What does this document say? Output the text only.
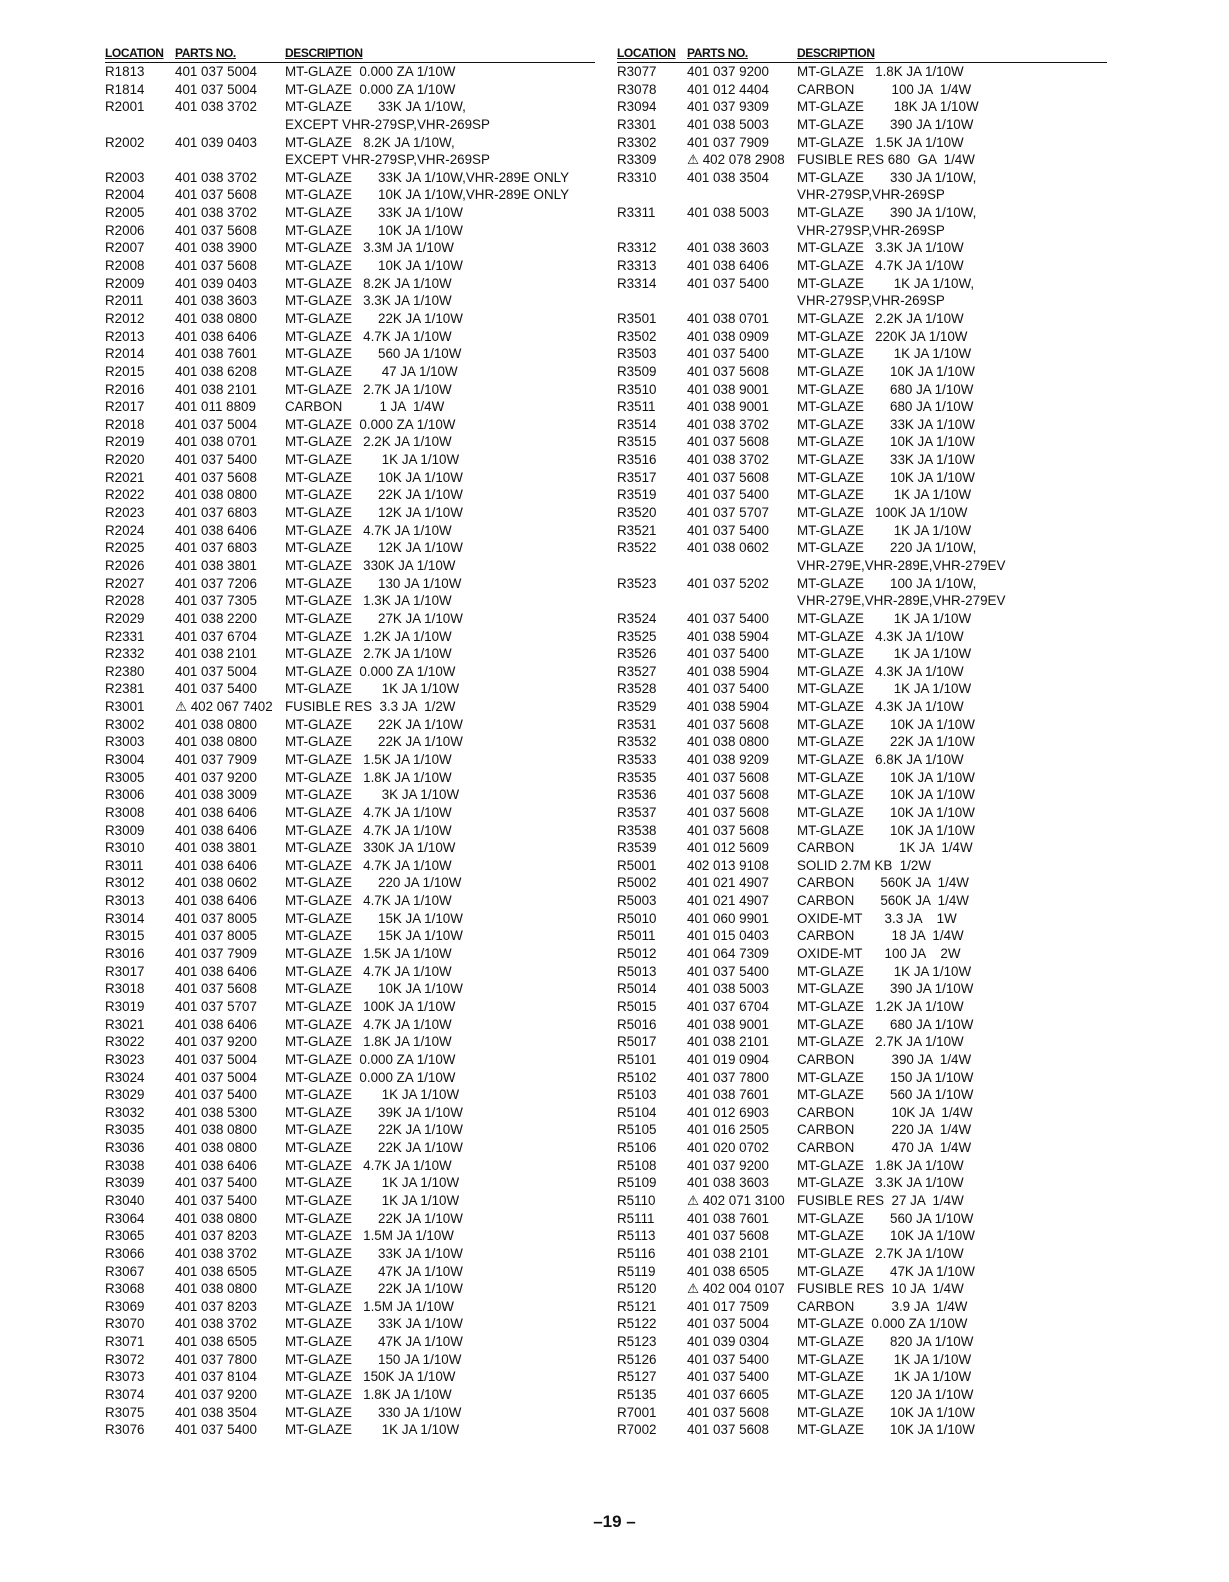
LOCATION PARTS NO.	DESCRIPTION
R1813 401 037 5004 MT-GLAZE  0.000 ZA 1/10W
R1814 401 037 5004 MT-GLAZE  0.000 ZA 1/10W
R2001 401 038 3702 MT-GLAZE       33K JA 1/10W,
EXCEPT VHR-279SP,VHR-269SP
R2002 401 039 0403 MT-GLAZE   8.2K JA 1/10W,
EXCEPT VHR-279SP,VHR-269SP
R2003 401 038 3702 MT-GLAZE       33K JA 1/10W,VHR-289E ONLY
R2004 401 037 5608 MT-GLAZE       10K JA 1/10W,VHR-289E ONLY
R2005 401 038 3702 MT-GLAZE       33K JA 1/10W
R2006 401 037 5608 MT-GLAZE       10K JA 1/10W
R2007 401 038 3900 MT-GLAZE   3.3M JA 1/10W
R2008 401 037 5608 MT-GLAZE       10K JA 1/10W
R2009 401 039 0403 MT-GLAZE   8.2K JA 1/10W
R2011 401 038 3603 MT-GLAZE   3.3K JA 1/10W
R2012 401 038 0800 MT-GLAZE       22K JA 1/10W
R2013 401 038 6406 MT-GLAZE   4.7K JA 1/10W
R2014 401 038 7601 MT-GLAZE       560 JA 1/10W
R2015 401 038 6208 MT-GLAZE        47 JA 1/10W
R2016 401 038 2101 MT-GLAZE   2.7K JA 1/10W
R2017 401 011 8809 CARBON          1 JA  1/4W
R2018 401 037 5004 MT-GLAZE  0.000 ZA 1/10W
R2019 401 038 0701 MT-GLAZE   2.2K JA 1/10W
R2020 401 037 5400 MT-GLAZE        1K JA 1/10W
R2021 401 037 5608 MT-GLAZE       10K JA 1/10W
R2022 401 038 0800 MT-GLAZE       22K JA 1/10W
R2023 401 037 6803 MT-GLAZE       12K JA 1/10W
R2024 401 038 6406 MT-GLAZE   4.7K JA 1/10W
R2025 401 037 6803 MT-GLAZE       12K JA 1/10W
R2026 401 038 3801 MT-GLAZE   330K JA 1/10W
R2027 401 037 7206 MT-GLAZE       130 JA 1/10W
R2028 401 037 7305 MT-GLAZE   1.3K JA 1/10W
R2029 401 038 2200 MT-GLAZE       27K JA 1/10W
R2331 401 037 6704 MT-GLAZE   1.2K JA 1/10W
R2332 401 038 2101 MT-GLAZE   2.7K JA 1/10W
R2380 401 037 5004 MT-GLAZE  0.000 ZA 1/10W
R2381 401 037 5400 MT-GLAZE        1K JA 1/10W
R3001 ⚠ 402 067 7402 FUSIBLE RES  3.3 JA  1/2W
R3002 401 038 0800 MT-GLAZE       22K JA 1/10W
R3003 401 038 0800 MT-GLAZE       22K JA 1/10W
R3004 401 037 7909 MT-GLAZE   1.5K JA 1/10W
R3005 401 037 9200 MT-GLAZE   1.8K JA 1/10W
R3006 401 038 3009 MT-GLAZE        3K JA 1/10W
R3008 401 038 6406 MT-GLAZE   4.7K JA 1/10W
R3009 401 038 6406 MT-GLAZE   4.7K JA 1/10W
R3010 401 038 3801 MT-GLAZE   330K JA 1/10W
R3011 401 038 6406 MT-GLAZE   4.7K JA 1/10W
R3012 401 038 0602 MT-GLAZE       220 JA 1/10W
R3013 401 038 6406 MT-GLAZE   4.7K JA 1/10W
R3014 401 037 8005 MT-GLAZE       15K JA 1/10W
R3015 401 037 8005 MT-GLAZE       15K JA 1/10W
R3016 401 037 7909 MT-GLAZE   1.5K JA 1/10W
R3017 401 038 6406 MT-GLAZE   4.7K JA 1/10W
R3018 401 037 5608 MT-GLAZE       10K JA 1/10W
R3019 401 037 5707 MT-GLAZE   100K JA 1/10W
R3021 401 038 6406 MT-GLAZE   4.7K JA 1/10W
R3022 401 037 9200 MT-GLAZE   1.8K JA 1/10W
R3023 401 037 5004 MT-GLAZE  0.000 ZA 1/10W
R3024 401 037 5004 MT-GLAZE  0.000 ZA 1/10W
R3029 401 037 5400 MT-GLAZE        1K JA 1/10W
R3032 401 038 5300 MT-GLAZE       39K JA 1/10W
R3035 401 038 0800 MT-GLAZE       22K JA 1/10W
R3036 401 038 0800 MT-GLAZE       22K JA 1/10W
R3038 401 038 6406 MT-GLAZE   4.7K JA 1/10W
R3039 401 037 5400 MT-GLAZE        1K JA 1/10W
R3040 401 037 5400 MT-GLAZE        1K JA 1/10W
R3064 401 038 0800 MT-GLAZE       22K JA 1/10W
R3065 401 037 8203 MT-GLAZE   1.5M JA 1/10W
R3066 401 038 3702 MT-GLAZE       33K JA 1/10W
R3067 401 038 6505 MT-GLAZE       47K JA 1/10W
R3068 401 038 0800 MT-GLAZE       22K JA 1/10W
R3069 401 037 8203 MT-GLAZE   1.5M JA 1/10W
R3070 401 038 3702 MT-GLAZE       33K JA 1/10W
R3071 401 038 6505 MT-GLAZE       47K JA 1/10W
R3072 401 037 7800 MT-GLAZE       150 JA 1/10W
R3073 401 037 8104 MT-GLAZE   150K JA 1/10W
R3074 401 037 9200 MT-GLAZE   1.8K JA 1/10W
R3075 401 038 3504 MT-GLAZE       330 JA 1/10W
R3076 401 037 5400 MT-GLAZE        1K JA 1/10W
LOCATION PARTS NO.	DESCRIPTION
R3077 401 037 9200 MT-GLAZE   1.8K JA 1/10W
R3078 401 012 4404 CARBON          100 JA  1/4W
R3094 401 037 9309 MT-GLAZE        18K JA 1/10W
R3301 401 038 5003 MT-GLAZE       390 JA 1/10W
R3302 401 037 7909 MT-GLAZE   1.5K JA 1/10W
R3309 ⚠ 402 078 2908 FUSIBLE RES 680  GA  1/4W
R3310 401 038 3504 MT-GLAZE       330 JA 1/10W,
VHR-279SP,VHR-269SP
R3311 401 038 5003 MT-GLAZE       390 JA 1/10W,
VHR-279SP,VHR-269SP
R3312 401 038 3603 MT-GLAZE   3.3K JA 1/10W
R3313 401 038 6406 MT-GLAZE   4.7K JA 1/10W
R3314 401 037 5400 MT-GLAZE        1K JA 1/10W,
VHR-279SP,VHR-269SP
R3501 401 038 0701 MT-GLAZE   2.2K JA 1/10W
R3502 401 038 0909 MT-GLAZE   220K JA 1/10W
R3503 401 037 5400 MT-GLAZE        1K JA 1/10W
R3509 401 037 5608 MT-GLAZE       10K JA 1/10W
R3510 401 038 9001 MT-GLAZE       680 JA 1/10W
R3511 401 038 9001 MT-GLAZE       680 JA 1/10W
R3514 401 038 3702 MT-GLAZE       33K JA 1/10W
R3515 401 037 5608 MT-GLAZE       10K JA 1/10W
R3516 401 038 3702 MT-GLAZE       33K JA 1/10W
R3517 401 037 5608 MT-GLAZE       10K JA 1/10W
R3519 401 037 5400 MT-GLAZE        1K JA 1/10W
R3520 401 037 5707 MT-GLAZE   100K JA 1/10W
R3521 401 037 5400 MT-GLAZE        1K JA 1/10W
R3522 401 038 0602 MT-GLAZE       220 JA 1/10W,
VHR-279E,VHR-289E,VHR-279EV
R3523 401 037 5202 MT-GLAZE       100 JA 1/10W,
VHR-279E,VHR-289E,VHR-279EV
R3524 401 037 5400 MT-GLAZE        1K JA 1/10W
R3525 401 038 5904 MT-GLAZE   4.3K JA 1/10W
R3526 401 037 5400 MT-GLAZE        1K JA 1/10W
R3527 401 038 5904 MT-GLAZE   4.3K JA 1/10W
R3528 401 037 5400 MT-GLAZE        1K JA 1/10W
R3529 401 038 5904 MT-GLAZE   4.3K JA 1/10W
R3531 401 037 5608 MT-GLAZE       10K JA 1/10W
R3532 401 038 0800 MT-GLAZE       22K JA 1/10W
R3533 401 038 9209 MT-GLAZE   6.8K JA 1/10W
R3535 401 037 5608 MT-GLAZE       10K JA 1/10W
R3536 401 037 5608 MT-GLAZE       10K JA 1/10W
R3537 401 037 5608 MT-GLAZE       10K JA 1/10W
R3538 401 037 5608 MT-GLAZE       10K JA 1/10W
R3539 401 012 5609 CARBON            1K JA  1/4W
R5001 402 013 9108 SOLID 2.7M KB  1/2W
R5002 401 021 4907 CARBON       560K JA  1/4W
R5003 401 021 4907 CARBON       560K JA  1/4W
R5010 401 060 9901 OXIDE-MT      3.3 JA    1W
R5011 401 015 0403 CARBON          18 JA  1/4W
R5012 401 064 7309 OXIDE-MT      100 JA    2W
R5013 401 037 5400 MT-GLAZE        1K JA 1/10W
R5014 401 038 5003 MT-GLAZE       390 JA 1/10W
R5015 401 037 6704 MT-GLAZE   1.2K JA 1/10W
R5016 401 038 9001 MT-GLAZE       680 JA 1/10W
R5017 401 038 2101 MT-GLAZE   2.7K JA 1/10W
R5101 401 019 0904 CARBON          390 JA  1/4W
R5102 401 037 7800 MT-GLAZE       150 JA 1/10W
R5103 401 038 7601 MT-GLAZE       560 JA 1/10W
R5104 401 012 6903 CARBON          10K JA  1/4W
R5105 401 016 2505 CARBON          220 JA  1/4W
R5106 401 020 0702 CARBON          470 JA  1/4W
R5108 401 037 9200 MT-GLAZE   1.8K JA 1/10W
R5109 401 038 3603 MT-GLAZE   3.3K JA 1/10W
R5110 ⚠ 402 071 3100 FUSIBLE RES  27 JA  1/4W
R5111 401 038 7601 MT-GLAZE       560 JA 1/10W
R5113 401 037 5608 MT-GLAZE       10K JA 1/10W
R5116 401 038 2101 MT-GLAZE   2.7K JA 1/10W
R5119 401 038 6505 MT-GLAZE       47K JA 1/10W
R5120 ⚠ 402 004 0107 FUSIBLE RES  10 JA  1/4W
R5121 401 017 7509 CARBON          3.9 JA  1/4W
R5122 401 037 5004 MT-GLAZE  0.000 ZA 1/10W
R5123 401 039 0304 MT-GLAZE       820 JA 1/10W
R5126 401 037 5400 MT-GLAZE        1K JA 1/10W
R5127 401 037 5400 MT-GLAZE        1K JA 1/10W
R5135 401 037 6605 MT-GLAZE       120 JA 1/10W
R7001 401 037 5608 MT-GLAZE       10K JA 1/10W
R7002 401 037 5608 MT-GLAZE       10K JA 1/10W
–19 –
